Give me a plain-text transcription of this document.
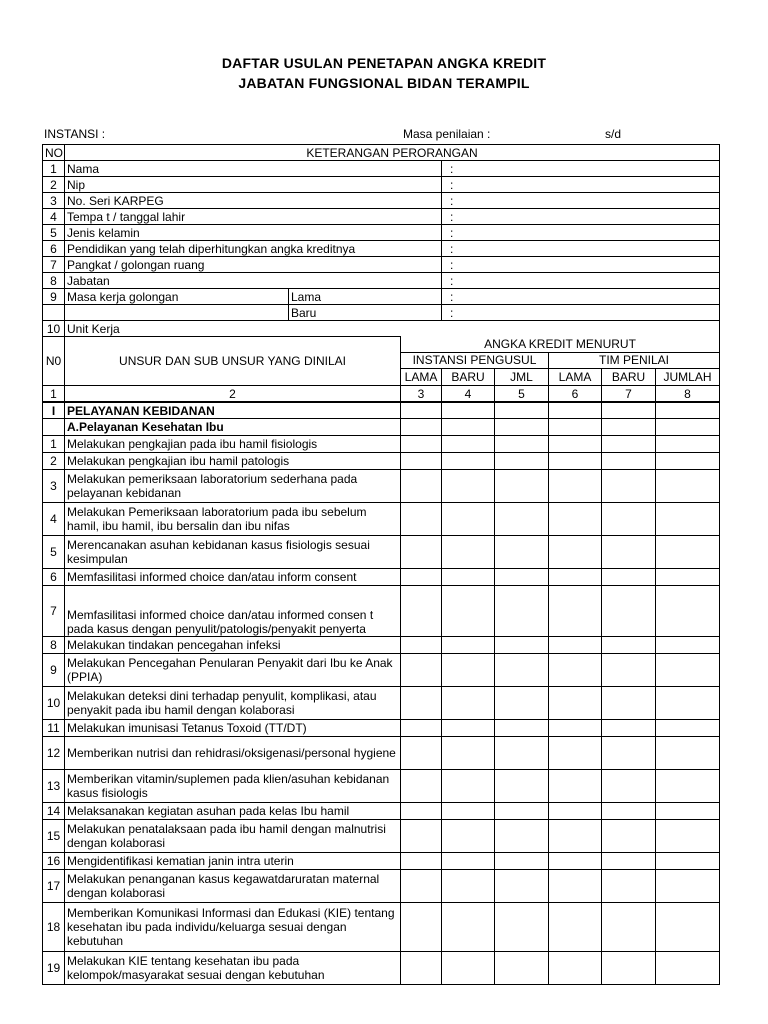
DAFTAR USULAN PENETAPAN ANGKA KREDIT
JABATAN FUNGSIONAL BIDAN TERAMPIL
INSTANSI :	Masa penilaian :	s/d
NO	KETERANGAN PERORANGAN							
1	Nama			:				
2	Nip			:				
3	No. Seri KARPEG			:				
4	Tempa t / tanggal lahir			:				
5	Jenis kelamin			:				
6	Pendidikan yang telah diperhitungkan angka kreditnya			:				
7	Pangkat / golongan ruang			:				
8	Jabatan			:				
9	Masa kerja golongan	Lama		:				
		Baru		:				
10	Unit Kerja							
N0	UNSUR DAN SUB UNSUR YANG DINILAI		ANGKA KREDIT MENURUT					
			INSTANSI PENGUSUL			TIM PENILAI		
			LAMA	BARU	JML	LAMA	BARU	JUMLAH
1	2		3	4	5	6	7	8
I	PELAYANAN KEBIDANAN							
	A.Pelayanan Kesehatan Ibu							
1	Melakukan pengkajian pada ibu hamil fisiologis							
2	Melakukan pengkajian ibu hamil patologis							
3	Melakukan pemeriksaan laboratorium sederhana pada pelayanan kebidanan							
4	Melakukan Pemeriksaan laboratorium pada ibu sebelum hamil, ibu hamil, ibu bersalin dan ibu nifas							
5	Merencanakan asuhan kebidanan kasus fisiologis sesuai kesimpulan							
6	Memfasilitasi informed choice dan/atau inform consent							
7	Memfasilitasi informed choice dan/atau informed consen t pada kasus dengan penyulit/patologis/penyakit penyerta							
8	Melakukan tindakan pencegahan infeksi							
9	Melakukan Pencegahan Penularan Penyakit dari Ibu ke Anak (PPIA)							
10	Melakukan deteksi dini terhadap penyulit, komplikasi, atau penyakit pada ibu hamil dengan kolaborasi							
11	Melakukan imunisasi Tetanus Toxoid (TT/DT)							
12	Memberikan nutrisi dan rehidrasi/oksigenasi/personal hygiene							
13	Memberikan vitamin/suplemen pada klien/asuhan kebidanan kasus fisiologis							
14	Melaksanakan kegiatan asuhan pada kelas Ibu hamil							
15	Melakukan penatalaksaan pada ibu hamil dengan malnutrisi dengan kolaborasi							
16	Mengidentifikasi kematian janin intra uterin							
17	Melakukan penanganan kasus kegawatdaruratan maternal dengan kolaborasi							
18	Memberikan Komunikasi Informasi dan Edukasi (KIE) tentang kesehatan ibu pada individu/keluarga sesuai dengan kebutuhan							
19	Melakukan KIE tentang kesehatan ibu pada kelompok/masyarakat sesuai dengan kebutuhan							
